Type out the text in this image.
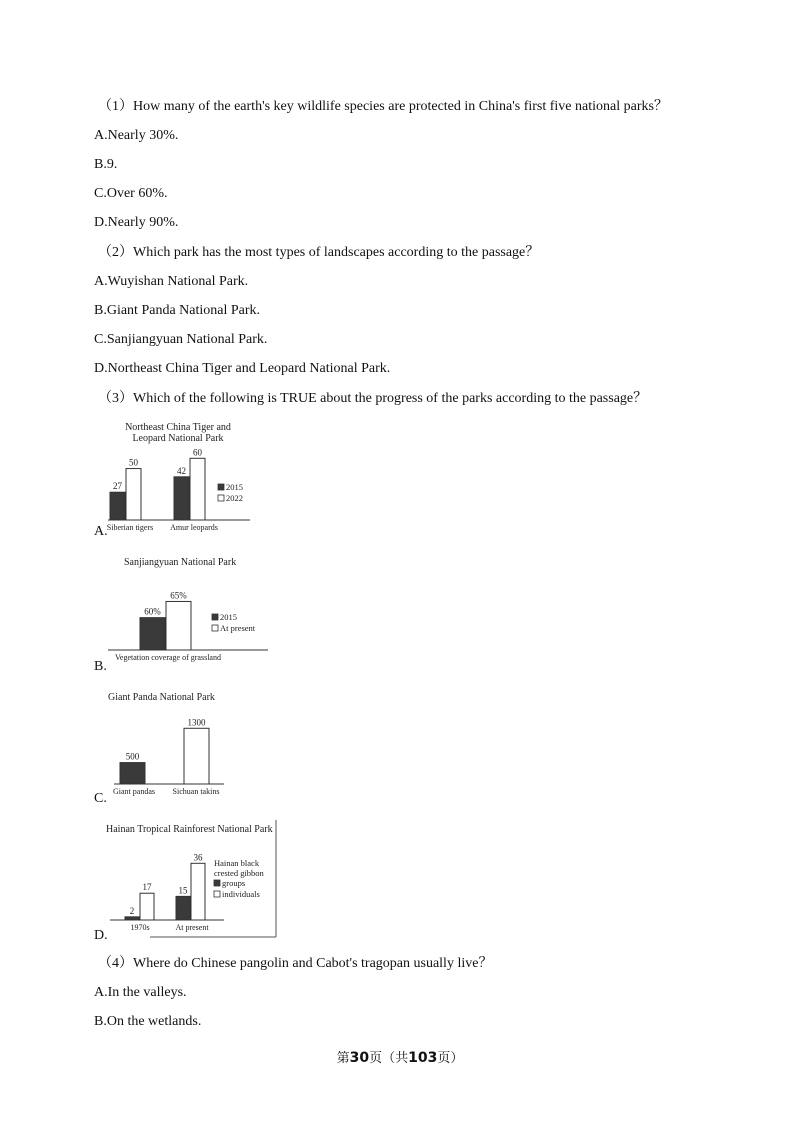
（1）How many of the earth's key wildlife species are protected in China's first five national parks？
A.Nearly 30%.
B.9.
C.Over 60%.
D.Nearly 90%.
（2）Which park has the most types of landscapes according to the passage？
A.Wuyishan National Park.
B.Giant Panda National Park.
C.Sanjiangyuan National Park.
D.Northeast China Tiger and Leopard National Park.
（3）Which of the following is TRUE about the progress of the parks according to the passage？
Northeast China Tiger and
Leopard National Park
27
50
Siberian tigers
42
60
Amur leopards
2015
2022
A.
Sanjiangyuan National Park
60%
65%
Vegetation coverage of grassland
2015
At present
B.
Giant Panda National Park
500
Giant pandas
1300
Sichuan takins
C.
Hainan Tropical Rainforest National Park
2
17
1970s
15
36
At present
Hainan black
crested gibbon
groups
individuals
D.
（4）Where do Chinese pangolin and Cabot's tragopan usually live？
A.In the valleys.
B.On the wetlands.
第30页（共103页）
